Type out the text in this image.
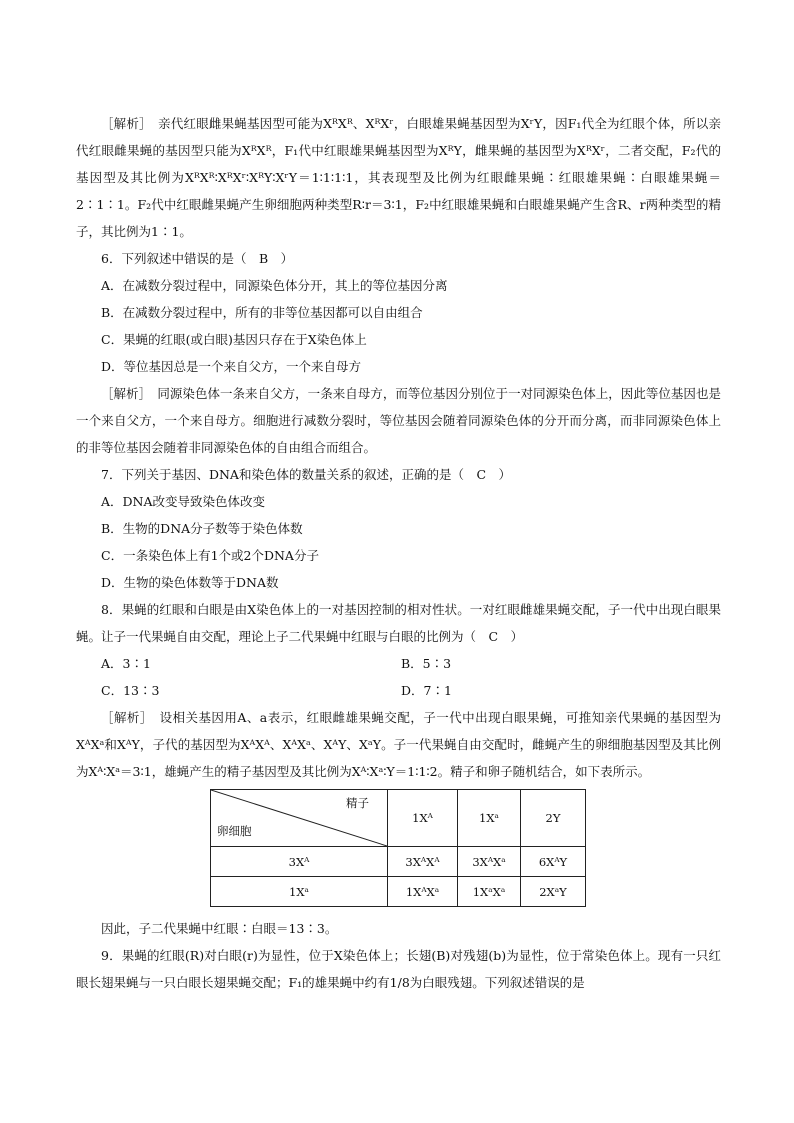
［解析］　亲代红眼雌果蝇基因型可能为XᴿXᴿ、XᴿXʳ，白眼雄果蝇基因型为XʳY，因F₁代全为红眼个体，所以亲代红眼雌果蝇的基因型只能为XᴿXᴿ，F₁代中红眼雄果蝇基因型为XᴿY，雌果蝇的基因型为XᴿXʳ，二者交配，F₂代的基因型及其比例为XᴿXᴿ∶XᴿXʳ∶XᴿY∶XʳY＝1∶1∶1∶1，其表现型及比例为红眼雌果蝇∶红眼雄果蝇∶白眼雄果蝇＝2∶1∶1。F₂代中红眼雌果蝇产生卵细胞两种类型R∶r＝3∶1，F₂中红眼雄果蝇和白眼雄果蝇产生含R、r两种类型的精子，其比例为1∶1。

6．下列叙述中错误的是（　B　）

A．在减数分裂过程中，同源染色体分开，其上的等位基因分离

B．在减数分裂过程中，所有的非等位基因都可以自由组合

C．果蝇的红眼(或白眼)基因只存在于X染色体上

D．等位基因总是一个来自父方，一个来自母方

［解析］　同源染色体一条来自父方，一条来自母方，而等位基因分别位于一对同源染色体上，因此等位基因也是一个来自父方，一个来自母方。细胞进行减数分裂时，等位基因会随着同源染色体的分开而分离，而非同源染色体上的非等位基因会随着非同源染色体的自由组合而组合。

7．下列关于基因、DNA和染色体的数量关系的叙述，正确的是（　C　）

A．DNA改变导致染色体改变

B．生物的DNA分子数等于染色体数

C．一条染色体上有1个或2个DNA分子

D．生物的染色体数等于DNA数

8．果蝇的红眼和白眼是由X染色体上的一对基因控制的相对性状。一对红眼雌雄果蝇交配，子一代中出现白眼果蝇。让子一代果蝇自由交配，理论上子二代果蝇中红眼与白眼的比例为（　C　）

A．3∶1	B．5∶3

C．13∶3	D．7∶1

［解析］　设相关基因用A、a表示，红眼雌雄果蝇交配，子一代中出现白眼果蝇，可推知亲代果蝇的基因型为XᴬXᵃ和XᴬY，子代的基因型为XᴬXᴬ、XᴬXᵃ、XᴬY、XᵃY。子一代果蝇自由交配时，雌蝇产生的卵细胞基因型及其比例为Xᴬ∶Xᵃ＝3∶1，雄蝇产生的精子基因型及其比例为Xᴬ∶Xᵃ∶Y＝1∶1∶2。精子和卵子随机结合，如下表所示。

精子
卵细胞	1Xᴬ	1Xᵃ	2Y
3Xᴬ	3XᴬXᴬ	3XᴬXᵃ	6XᴬY
1Xᵃ	1XᴬXᵃ	1XᵃXᵃ	2XᵃY

因此，子二代果蝇中红眼∶白眼＝13∶3。

9．果蝇的红眼(R)对白眼(r)为显性，位于X染色体上；长翅(B)对残翅(b)为显性，位于常染色体上。现有一只红眼长翅果蝇与一只白眼长翅果蝇交配；F₁的雄果蝇中约有1/8为白眼残翅。下列叙述错误的是
